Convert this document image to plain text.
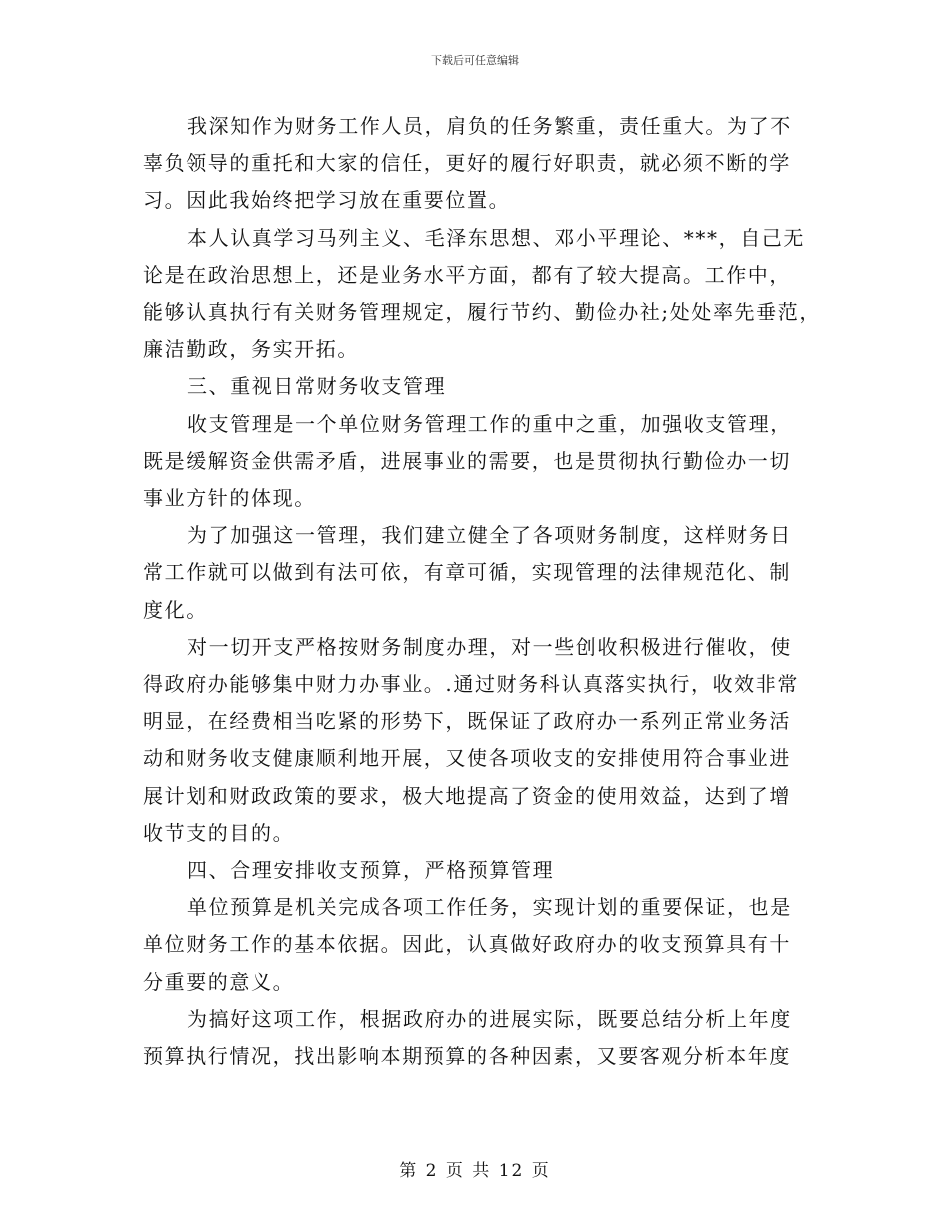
下载后可任意编辑
我深知作为财务工作人员，肩负的任务繁重，责任重大。为了不
辜负领导的重托和大家的信任，更好的履行好职责，就必须不断的学
习。因此我始终把学习放在重要位置。
本人认真学习马列主义、毛泽东思想、邓小平理论、***，自己无
论是在政治思想上，还是业务水平方面，都有了较大提高。工作中，
能够认真执行有关财务管理规定，履行节约、勤俭办社;处处率先垂范，
廉洁勤政，务实开拓。
三、重视日常财务收支管理
收支管理是一个单位财务管理工作的重中之重，加强收支管理，
既是缓解资金供需矛盾，进展事业的需要，也是贯彻执行勤俭办一切
事业方针的体现。
为了加强这一管理，我们建立健全了各项财务制度，这样财务日
常工作就可以做到有法可依，有章可循，实现管理的法律规范化、制
度化。
对一切开支严格按财务制度办理，对一些创收积极进行催收，使
得政府办能够集中财力办事业。.通过财务科认真落实执行，收效非常
明显，在经费相当吃紧的形势下，既保证了政府办一系列正常业务活
动和财务收支健康顺利地开展，又使各项收支的安排使用符合事业进
展计划和财政政策的要求，极大地提高了资金的使用效益，达到了增
收节支的目的。
四、合理安排收支预算，严格预算管理
单位预算是机关完成各项工作任务，实现计划的重要保证，也是
单位财务工作的基本依据。因此，认真做好政府办的收支预算具有十
分重要的意义。
为搞好这项工作，根据政府办的进展实际，既要总结分析上年度
预算执行情况，找出影响本期预算的各种因素，又要客观分析本年度
第 2 页 共 12 页
